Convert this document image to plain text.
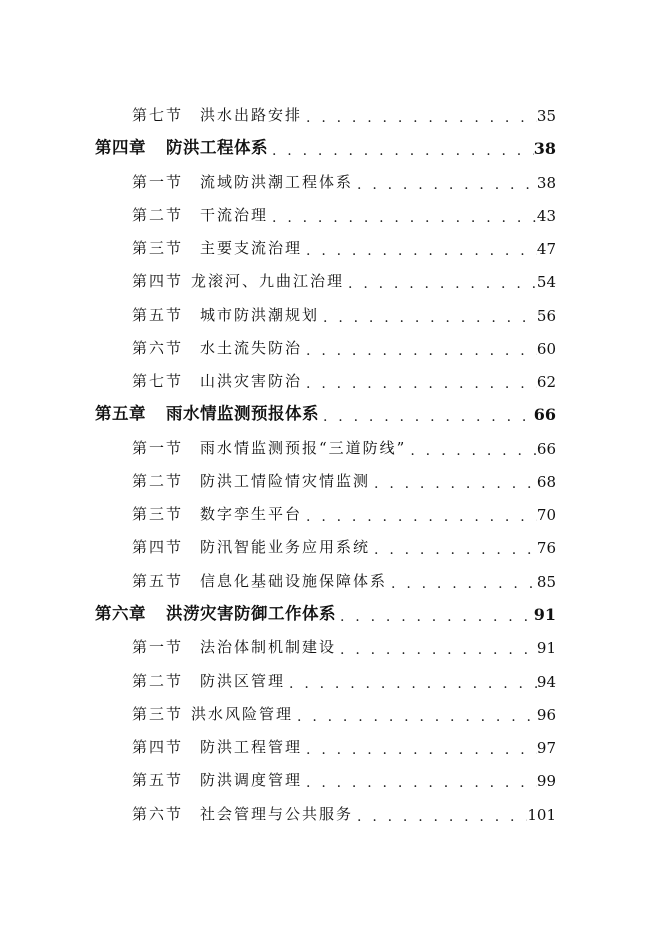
第七节 洪水出路安排 . . .	35
第四章 防洪工程体系 . . .	38
第一节 流域防洪潮工程体系 . . .	38
第二节 干流治理 . . .	43
第三节 主要支流治理 . . .	47
第四节 龙滚河、九曲江治理 . . .	54
第五节 城市防洪潮规划 . . .	56
第六节 水土流失防治 . . .	60
第七节 山洪灾害防治 . . .	62
第五章 雨水情监测预报体系 . . .	66
第一节 雨水情监测预报“三道防线” . . .	66
第二节 防洪工情险情灾情监测 . . .	68
第三节 数字孪生平台 . . .	70
第四节 防汛智能业务应用系统 . . .	76
第五节 信息化基础设施保障体系 . . .	85
第六章 洪涝灾害防御工作体系 . . .	91
第一节 法治体制机制建设 . . .	91
第二节 防洪区管理 . . .	94
第三节 洪水风险管理 . . .	96
第四节 防洪工程管理 . . .	97
第五节 防洪调度管理 . . .	99
第六节 社会管理与公共服务 . . .	101
